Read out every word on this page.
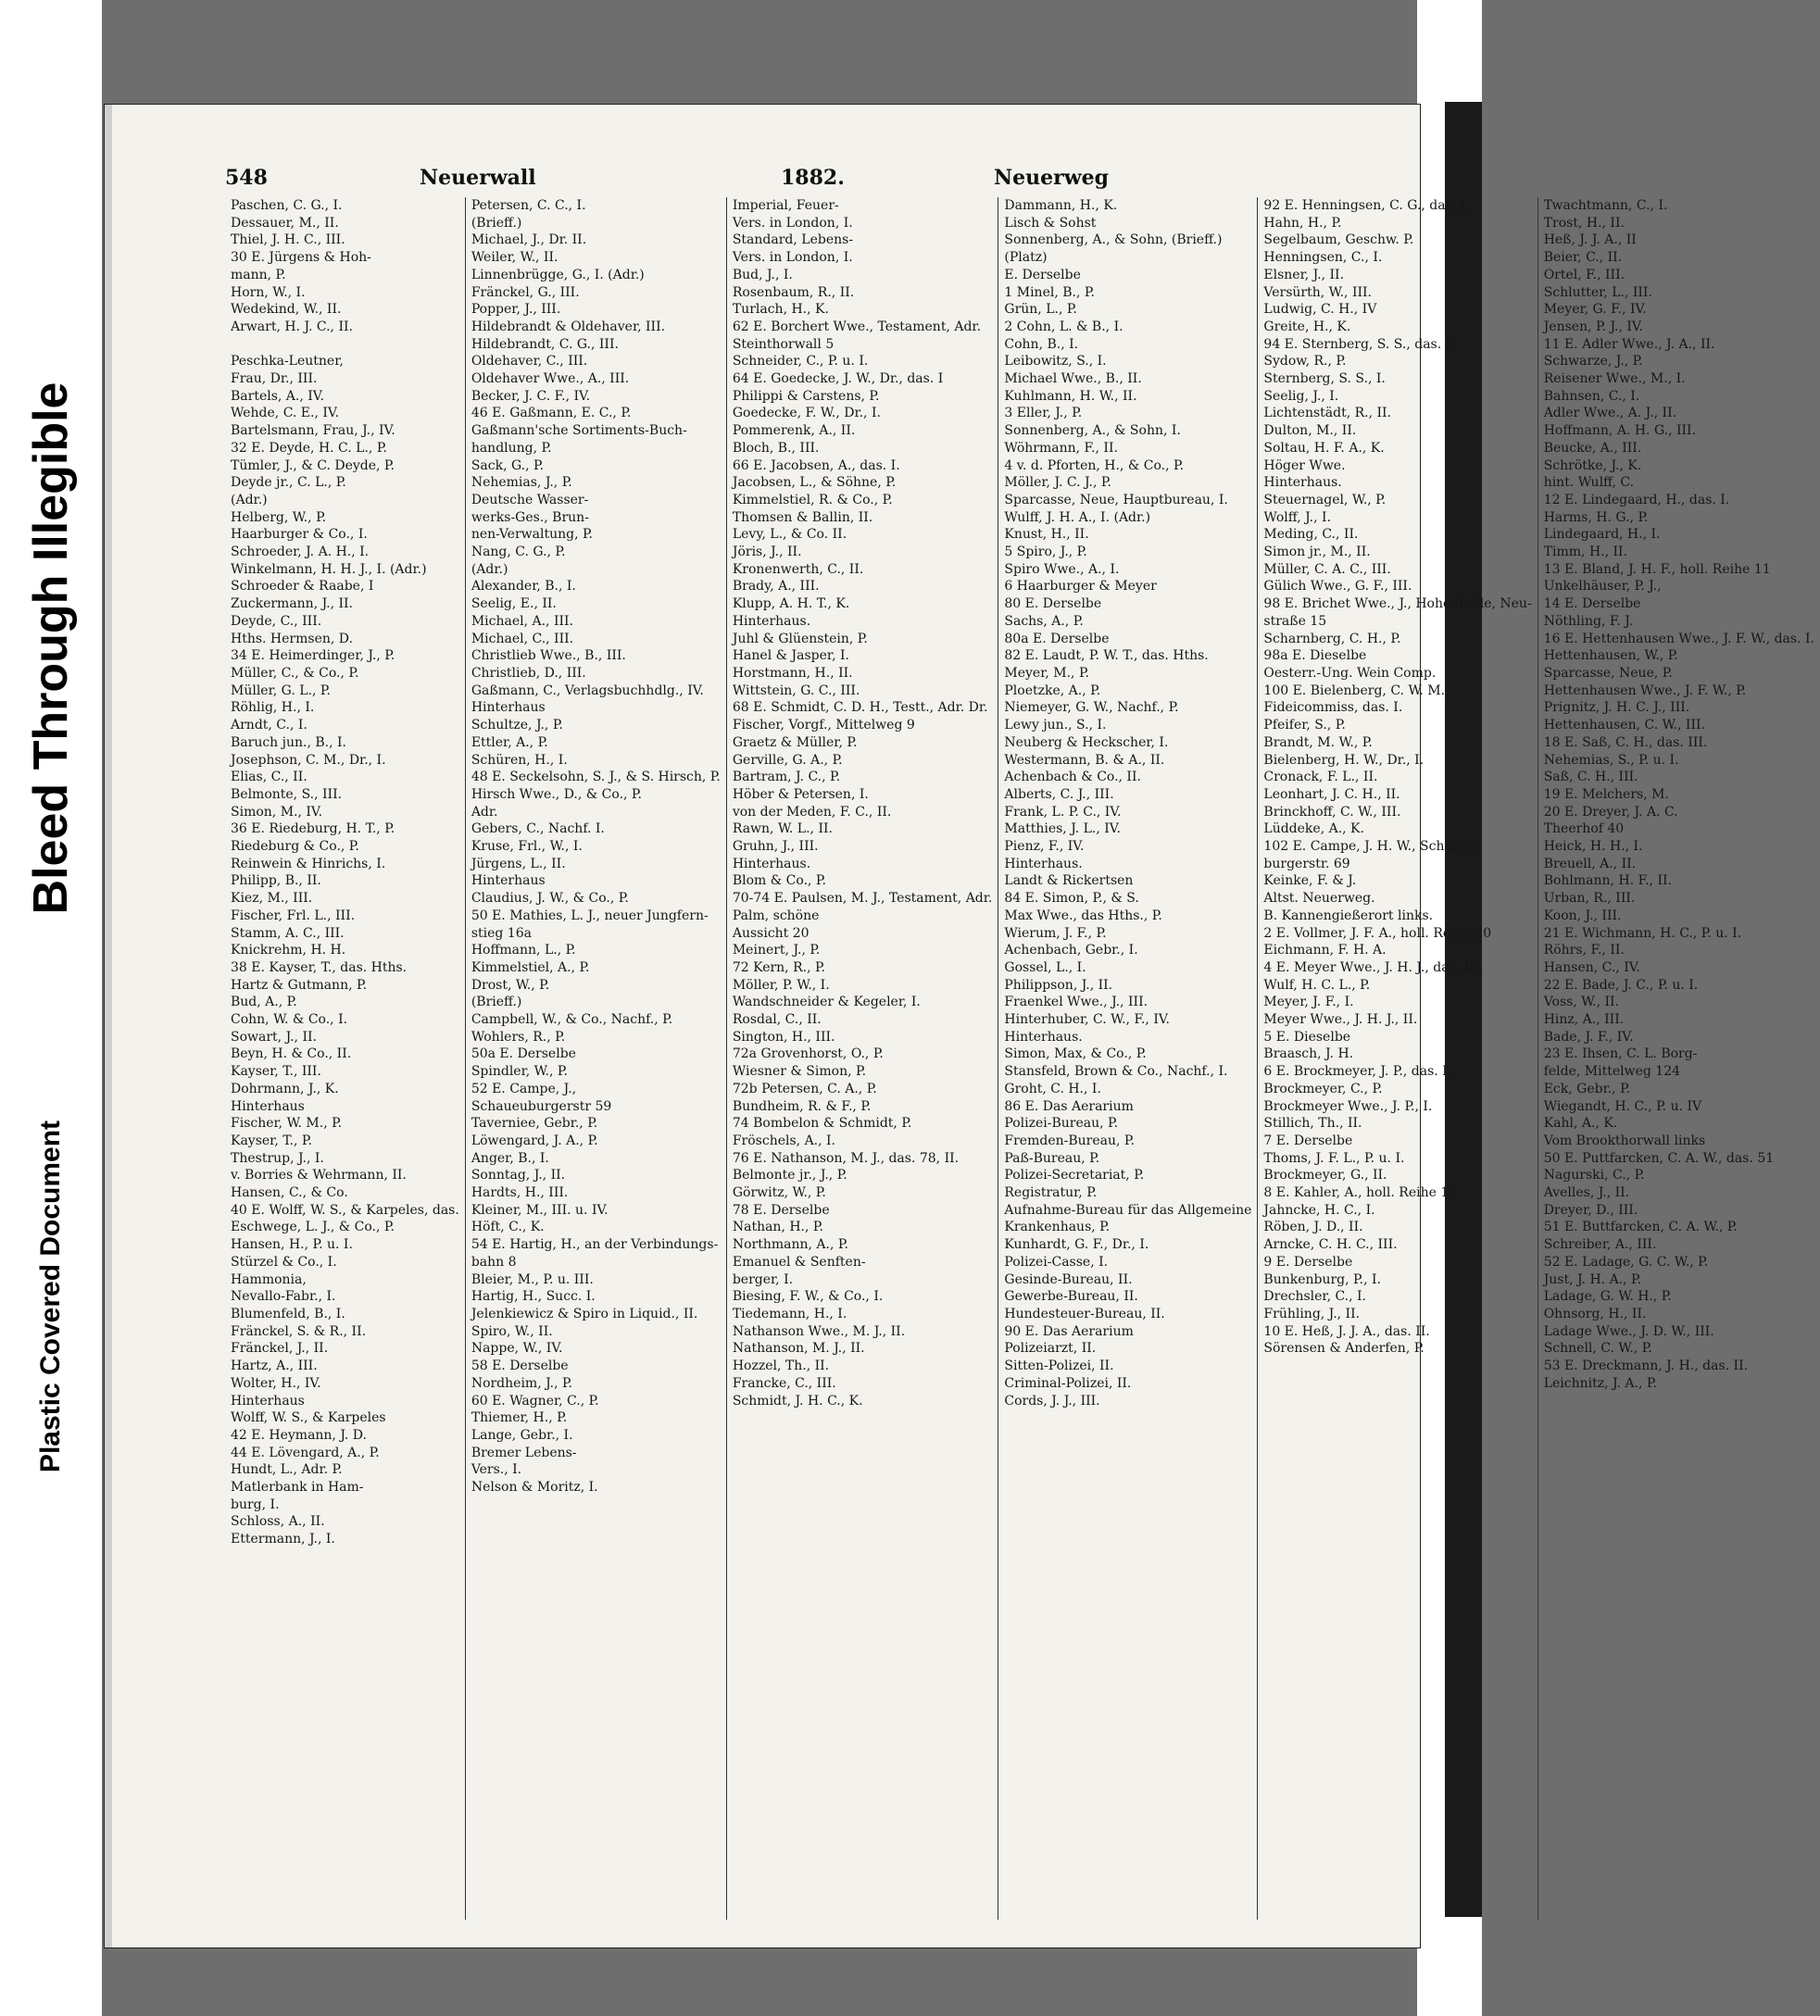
Bleed Through Illegible
Plastic Covered Document
548	Neuerwall	1882.	Neuerweg
Paschen, C. G., I.
Dessauer, M., II.
Thiel, J. H. C., III.
30 E. Jürgens & Hoh-
mann, P.
Horn, W., I.
Wedekind, W., II.
Arwart, H. J. C., II.

Peschka-Leutner,
Frau, Dr., III.
Bartels, A., IV.
Wehde, C. E., IV.
Bartelsmann, Frau, J., IV.
32 E. Deyde, H. C. L., P.
Tümler, J., & C. Deyde, P.
Deyde jr., C. L., P.
(Adr.)
Helberg, W., P.
Haarburger & Co., I.
Schroeder, J. A. H., I.
Winkelmann, H. H. J., I. (Adr.)
Schroeder & Raabe, I
Zuckermann, J., II.
Deyde, C., III.
Hths. Hermsen, D.
34 E. Heimerdinger, J., P.
Müller, C., & Co., P.
Müller, G. L., P.
Röhlig, H., I.
Arndt, C., I.
Baruch jun., B., I.
Josephson, C. M., Dr., I.
Elias, C., II.
Belmonte, S., III.
Simon, M., IV.
36 E. Riedeburg, H. T., P.
Riedeburg & Co., P.
Reinwein & Hinrichs, I.
Philipp, B., II.
Kiez, M., III.
Fischer, Frl. L., III.
Stamm, A. C., III.
Knickrehm, H. H.
38 E. Kayser, T., das. Hths.
Hartz & Gutmann, P.
Bud, A., P.
Cohn, W. & Co., I.
Sowart, J., II.
Beyn, H. & Co., II.
Kayser, T., III.
Dohrmann, J., K.
Hinterhaus
Fischer, W. M., P.
Kayser, T., P.
Thestrup, J., I.
v. Borries & Wehrmann, II.
Hansen, C., & Co.
40 E. Wolff, W. S., & Karpeles, das.
Eschwege, L. J., & Co., P.
Hansen, H., P. u. I.
Stürzel & Co., I.
Hammonia,
Nevallo-Fabr., I.
Blumenfeld, B., I.
Fränckel, S. & R., II.
Fränckel, J., II.
Hartz, A., III.
Wolter, H., IV.
Hinterhaus
Wolff, W. S., & Karpeles
42 E. Heymann, J. D.
44 E. Lövengard, A., P.
Hundt, L., Adr. P.
Matlerbank in Ham-
burg, I.
Schloss, A., II.
Ettermann, J., I.
Petersen, C. C., I.
(Brieff.)
Michael, J., Dr. II.
Weiler, W., II.
Linnenbrügge, G., I. (Adr.)
Fränckel, G., III.
Popper, J., III.
Hildebrandt & Oldehaver, III.
Hildebrandt, C. G., III.
Oldehaver, C., III.
Oldehaver Wwe., A., III.
Becker, J. C. F., IV.
46 E. Gaßmann, E. C., P.
Gaßmann'sche Sortiments-Buch-
handlung, P.
Sack, G., P.
Nehemias, J., P.
Deutsche Wasser-
werks-Ges., Brun-
nen-Verwaltung, P.
Nang, C. G., P.
(Adr.)
Alexander, B., I.
Seelig, E., II.
Michael, A., III.
Michael, C., III.
Christlieb Wwe., B., III.
Christlieb, D., III.
Gaßmann, C., Verlagsbuchhdlg., IV.
Hinterhaus
Schultze, J., P.
Ettler, A., P.
Schüren, H., I.
48 E. Seckelsohn, S. J., & S. Hirsch, P.
Hirsch Wwe., D., & Co., P.
Adr.
Gebers, C., Nachf. I.
Kruse, Frl., W., I.
Jürgens, L., II.
Hinterhaus
Claudius, J. W., & Co., P.
50 E. Mathies, L. J., neuer Jungfern-
stieg 16a
Hoffmann, L., P.
Kimmelstiel, A., P.
Drost, W., P.
(Brieff.)
Campbell, W., & Co., Nachf., P.
Wohlers, R., P.
50a E. Derselbe
Spindler, W., P.
52 E. Campe, J.,
Schaueuburgerstr 59
Taverniee, Gebr., P.
Löwengard, J. A., P.
Anger, B., I.
Sonntag, J., II.
Hardts, H., III.
Kleiner, M., III. u. IV.
Höft, C., K.
54 E. Hartig, H., an der Verbindungs-
bahn 8
Bleier, M., P. u. III.
Hartig, H., Succ. I.
Jelenkiewicz & Spiro in Liquid., II.
Spiro, W., II.
Nappe, W., IV.
58 E. Derselbe
Nordheim, J., P.
60 E. Wagner, C., P.
Thiemer, H., P.
Lange, Gebr., I.
Bremer Lebens-
Vers., I.
Nelson & Moritz, I.
Imperial, Feuer-
Vers. in London, I.
Standard, Lebens-
Vers. in London, I.
Bud, J., I.
Rosenbaum, R., II.
Turlach, H., K.
62 E. Borchert Wwe., Testament, Adr.
Steinthorwall 5
Schneider, C., P. u. I.
64 E. Goedecke, J. W., Dr., das. I
Philippi & Carstens, P.
Goedecke, F. W., Dr., I.
Pommerenk, A., II.
Bloch, B., III.
66 E. Jacobsen, A., das. I.
Jacobsen, L., & Söhne, P.
Kimmelstiel, R. & Co., P.
Thomsen & Ballin, II.
Levy, L., & Co. II.
Jöris, J., II.
Kronenwerth, C., II.
Brady, A., III.
Klupp, A. H. T., K.
Hinterhaus.
Juhl & Glüenstein, P.
Hanel & Jasper, I.
Horstmann, H., II.
Wittstein, G. C., III.
68 E. Schmidt, C. D. H., Testt., Adr. Dr.
Fischer, Vorgf., Mittelweg 9
Graetz & Müller, P.
Gerville, G. A., P.
Bartram, J. C., P.
Höber & Petersen, I.
von der Meden, F. C., II.
Rawn, W. L., II.
Gruhn, J., III.
Hinterhaus.
Blom & Co., P.
70-74 E. Paulsen, M. J., Testament, Adr.
Palm, schöne
Aussicht 20
Meinert, J., P.
72 Kern, R., P.
Möller, P. W., I.
Wandschneider & Kegeler, I.
Rosdal, C., II.
Sington, H., III.
72a Grovenhorst, O., P.
Wiesner & Simon, P.
72b Petersen, C. A., P.
Bundheim, R. & F., P.
74 Bombelon & Schmidt, P.
Fröschels, A., I.
76 E. Nathanson, M. J., das. 78, II.
Belmonte jr., J., P.
Görwitz, W., P.
78 E. Derselbe
Nathan, H., P.
Northmann, A., P.
Emanuel & Senften-
berger, I.
Biesing, F. W., & Co., I.
Tiedemann, H., I.
Nathanson Wwe., M. J., II.
Nathanson, M. J., II.
Hozzel, Th., II.
Francke, C., III.
Schmidt, J. H. C., K.
Dammann, H., K.
Lisch & Sohst
Sonnenberg, A., & Sohn, (Brieff.)
(Platz)
E. Derselbe
1 Minel, B., P.
Grün, L., P.
2 Cohn, L. & B., I.
Cohn, B., I.
Leibowitz, S., I.
Michael Wwe., B., II.
Kuhlmann, H. W., II.
3 Eller, J., P.
Sonnenberg, A., & Sohn, I.
Wöhrmann, F., II.
4 v. d. Pforten, H., & Co., P.
Möller, J. C. J., P.
Sparcasse, Neue, Hauptbureau, I.
Wulff, J. H. A., I. (Adr.)
Knust, H., II.
5 Spiro, J., P.
Spiro Wwe., A., I.
6 Haarburger & Meyer
80 E. Derselbe
Sachs, A., P.
80a E. Derselbe
82 E. Laudt, P. W. T., das. Hths.
Meyer, M., P.
Ploetzke, A., P.
Niemeyer, G. W., Nachf., P.
Lewy jun., S., I.
Neuberg & Heckscher, I.
Westermann, B. & A., II.
Achenbach & Co., II.
Alberts, C. J., III.
Frank, L. P. C., IV.
Matthies, J. L., IV.
Pienz, F., IV.
Hinterhaus.
Landt & Rickertsen
84 E. Simon, P., & S.
Max Wwe., das Hths., P.
Wierum, J. F., P.
Achenbach, Gebr., I.
Gossel, L., I.
Philippson, J., II.
Fraenkel Wwe., J., III.
Hinterhuber, C. W., F., IV.
Hinterhaus.
Simon, Max, & Co., P.
Stansfeld, Brown & Co., Nachf., I.
Groht, C. H., I.
86 E. Das Aerarium
Polizei-Bureau, P.
Fremden-Bureau, P.
Paß-Bureau, P.
Polizei-Secretariat, P.
Registratur, P.
Aufnahme-Bureau für das Allgemeine
Krankenhaus, P.
Kunhardt, G. F., Dr., I.
Polizei-Casse, I.
Gesinde-Bureau, II.
Gewerbe-Bureau, II.
Hundesteuer-Bureau, II.
90 E. Das Aerarium
Polizeiarzt, II.
Sitten-Polizei, II.
Criminal-Polizei, II.
Cords, J. J., III.
92 E. Henningsen, C. G., das. I.
Hahn, H., P.
Segelbaum, Geschw. P.
Henningsen, C., I.
Elsner, J., II.
Versürth, W., III.
Ludwig, C. H., IV
Greite, H., K.
94 E. Sternberg, S. S., das. I.
Sydow, R., P.
Sternberg, S. S., I.
Seelig, J., I.
Lichtenstädt, R., II.
Dulton, M., II.
Soltau, H. F. A., K.
Höger Wwe.
Hinterhaus.
Steuernagel, W., P.
Wolff, J., I.
Meding, C., II.
Simon jr., M., II.
Müller, C. A. C., III.
Gülich Wwe., G. F., III.
98 E. Brichet Wwe., J., Hohenfelde, Neu-
straße 15
Scharnberg, C. H., P.
98a E. Dieselbe
Oesterr.-Ung. Wein Comp.
100 E. Bielenberg, C. W. M.
Fideicommiss, das. I.
Pfeifer, S., P.
Brandt, M. W., P.
Bielenberg, H. W., Dr., I.
Cronack, F. L., II.
Leonhart, J. C. H., II.
Brinckhoff, C. W., III.
Lüddeke, A., K.
102 E. Campe, J. H. W., Schauen-
burgerstr. 69
Keinke, F. & J.
Altst. Neuerweg.
B. Kannengießerort links.
2 E. Vollmer, J. F. A., holl. Reihe 20
Eichmann, F. H. A.
4 E. Meyer Wwe., J. H. J., das. III.
Wulf, H. C. L., P.
Meyer, J. F., I.
Meyer Wwe., J. H. J., II.
5 E. Dieselbe
Braasch, J. H.
6 E. Brockmeyer, J. P., das. I.
Brockmeyer, C., P.
Brockmeyer Wwe., J. P., I.
Stillich, Th., II.
7 E. Derselbe
Thoms, J. F. L., P. u. I.
Brockmeyer, G., II.
8 E. Kahler, A., holl. Reihe 17
Jahncke, H. C., I.
Röben, J. D., II.
Arncke, C. H. C., III.
9 E. Derselbe
Bunkenburg, P., I.
Drechsler, C., I.
Frühling, J., II.
10 E. Heß, J. J. A., das. II.
Sörensen & Anderfen, P.
Twachtmann, C., I.
Trost, H., II.
Heß, J. J. A., II
Beier, C., II.
Ortel, F., III.
Schlutter, L., III.
Meyer, G. F., IV.
Jensen, P. J., IV.
11 E. Adler Wwe., J. A., II.
Schwarze, J., P.
Reisener Wwe., M., I.
Bahnsen, C., I.
Adler Wwe., A. J., II.
Hoffmann, A. H. G., III.
Beucke, A., III.
Schrötke, J., K.
hint. Wulff, C.
12 E. Lindegaard, H., das. I.
Harms, H. G., P.
Lindegaard, H., I.
Timm, H., II.
13 E. Bland, J. H. F., holl. Reihe 11
Unkelhäuser, P. J.,
14 E. Derselbe
Nöthling, F. J.
16 E. Hettenhausen Wwe., J. F. W., das. I.
Hettenhausen, W., P.
Sparcasse, Neue, P.
Hettenhausen Wwe., J. F. W., P.
Prignitz, J. H. C. J., III.
Hettenhausen, C. W., III.
18 E. Saß, C. H., das. III.
Nehemias, S., P. u. I.
Saß, C. H., III.
19 E. Melchers, M.
20 E. Dreyer, J. A. C.
Theerhof 40
Heick, H. H., I.
Breuell, A., II.
Bohlmann, H. F., II.
Urban, R., III.
Koon, J., III.
21 E. Wichmann, H. C., P. u. I.
Röhrs, F., II.
Hansen, C., IV.
22 E. Bade, J. C., P. u. I.
Voss, W., II.
Hinz, A., III.
Bade, J. F., IV.
23 E. Ihsen, C. L. Borg-
felde, Mittelweg 124
Eck, Gebr., P.
Wiegandt, H. C., P. u. IV
Kahl, A., K.
Vom Brookthorwall links
50 E. Puttfarcken, C. A. W., das. 51
Nagurski, C., P.
Avelles, J., II.
Dreyer, D., III.
51 E. Buttfarcken, C. A. W., P.
Schreiber, A., III.
52 E. Ladage, G. C. W., P.
Just, J. H. A., P.
Ladage, G. W. H., P.
Ohnsorg, H., II.
Ladage Wwe., J. D. W., III.
Schnell, C. W., P.
53 E. Dreckmann, J. H., das. II.
Leichnitz, J. A., P.
